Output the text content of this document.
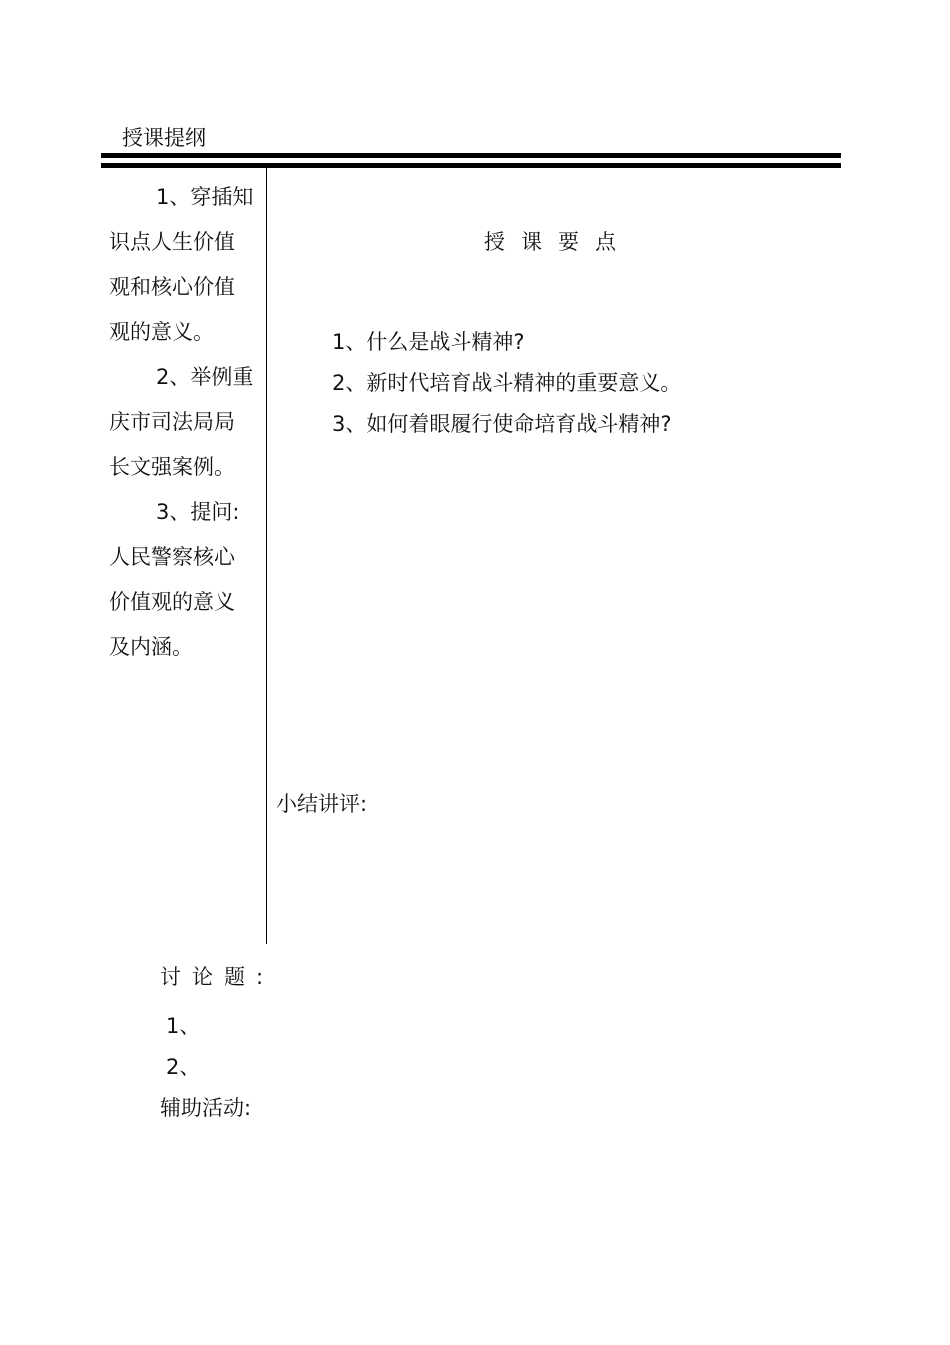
授课提纲
1、穿插知
识点人生价值
观和核心价值
观的意义。
2、举例重
庆市司法局局
长文强案例。
3、提问:
人民警察核心
价值观的意义
及内涵。
授课要点
1、什么是战斗精神?
2、新时代培育战斗精神的重要意义。
3、如何着眼履行使命培育战斗精神?
小结讲评:
讨论题:
1、
2、
辅助活动:
